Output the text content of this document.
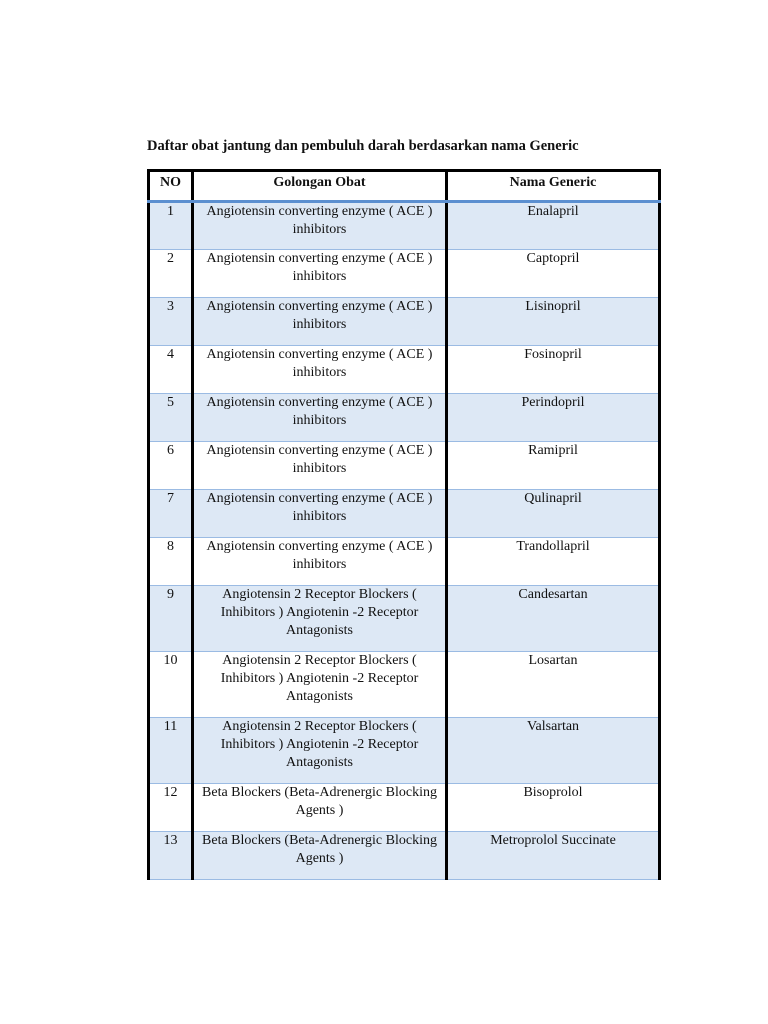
Daftar obat jantung dan pembuluh darah berdasarkan nama Generic
NO	Golongan Obat	Nama Generic
1	Angiotensin converting enzyme ( ACE ) inhibitors	Enalapril
2	Angiotensin converting enzyme ( ACE ) inhibitors	Captopril
3	Angiotensin converting enzyme ( ACE ) inhibitors	Lisinopril
4	Angiotensin converting enzyme ( ACE ) inhibitors	Fosinopril
5	Angiotensin converting enzyme ( ACE ) inhibitors	Perindopril
6	Angiotensin converting enzyme ( ACE ) inhibitors	Ramipril
7	Angiotensin converting enzyme ( ACE ) inhibitors	Qulinapril
8	Angiotensin converting enzyme ( ACE ) inhibitors	Trandollapril
9	Angiotensin 2 Receptor Blockers ( Inhibitors ) Angiotenin -2 Receptor Antagonists	Candesartan
10	Angiotensin 2 Receptor Blockers ( Inhibitors ) Angiotenin -2 Receptor Antagonists	Losartan
11	Angiotensin 2 Receptor Blockers ( Inhibitors ) Angiotenin -2 Receptor Antagonists	Valsartan
12	Beta Blockers (Beta-Adrenergic Blocking Agents )	Bisoprolol
13	Beta Blockers (Beta-Adrenergic Blocking Agents )	Metroprolol Succinate
